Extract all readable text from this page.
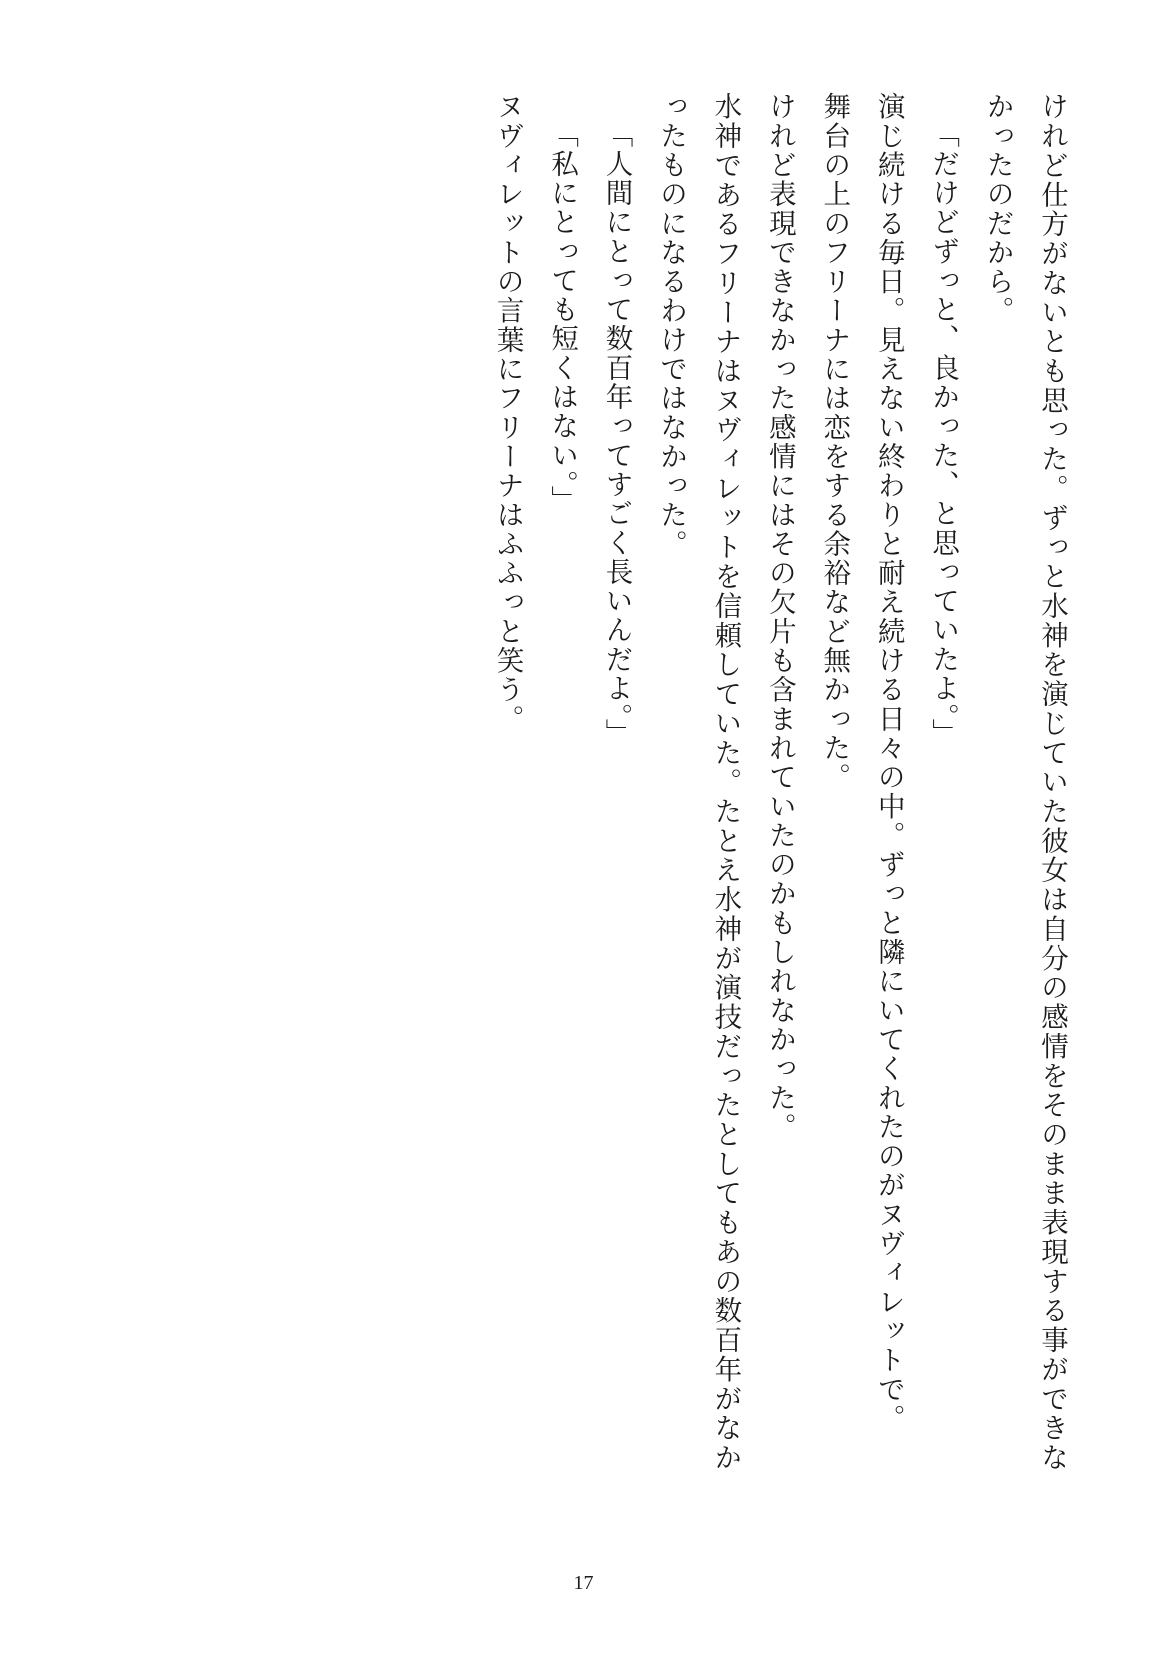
けれど仕方がないとも思った。ずっと水神を演じていた彼女は自分の感情をそのまま表現する事ができなかったのだから。

「だけどずっと、良かった、と思っていたよ。」

演じ続ける毎日。見えない終わりと耐え続ける日々の中。ずっと隣にいてくれたのがヌヴィレットで。

舞台の上のフリーナには恋をする余裕など無かった。

けれど表現できなかった感情にはその欠片も含まれていたのかもしれなかった。

水神であるフリーナはヌヴィレットを信頼していた。たとえ水神が演技だったとしてもあの数百年がなかったものになるわけではなかった。

「人間にとって数百年ってすごく長いんだよ。」

「私にとっても短くはない。」

ヌヴィレットの言葉にフリーナはふふっと笑う。

17
